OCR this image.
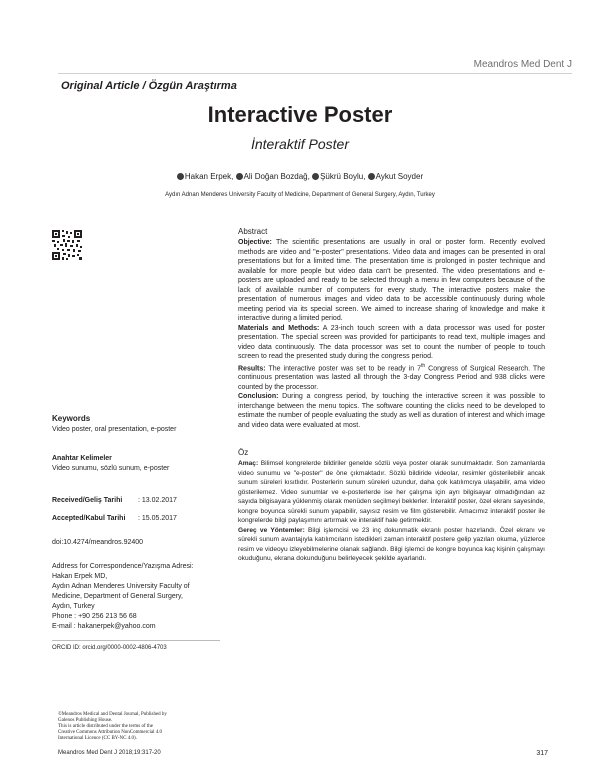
Meandros Med Dent J
Original Article / Özgün Araştırma
Interactive Poster
İnteraktif Poster
Hakan Erpek, Ali Doğan Bozdağ, Şükrü Boylu, Aykut Soyder
Aydın Adnan Menderes University Faculty of Medicine, Department of General Surgery, Aydın, Turkey
Keywords
Video poster, oral presentation, e-poster
Anahtar Kelimeler
Video sunumu, sözlü sunum, e-poster
Received/Geliş Tarihi : 13.02.2017
Accepted/Kabul Tarihi : 15.05.2017
doi:10.4274/meandros.92400
Address for Correspondence/Yazışma Adresi:
Hakan Erpek MD,
Aydın Adnan Menderes University Faculty of
Medicine, Department of General Surgery,
Aydın, Turkey
Phone : +90 256 213 56 68
E-mail : hakanerpek@yahoo.com
ORCID ID: orcid.org/0000-0002-4806-4703
©Meandros Medical and Dental Journal, Published by
Galenos Publishing House.
This is article distributed under the terms of the
Creative Commons Attribution NonCommercial 4.0
International Licence (CC BY-NC 4.0).
Abstract

Objective: The scientific presentations are usually in oral or poster form. Recently evolved methods are video and "e-poster" presentations. Video data and images can be presented in oral presentations but for a limited time. The presentation time is prolonged in poster technique and available for more people but video data can't be presented. The video presentations and e-posters are uploaded and ready to be selected through a menu in few computers because of the lack of available number of computers for every study. The interactive posters make the presentation of numerous images and video data to be accessible continuously during whole meeting period via its special screen. We aimed to increase sharing of knowledge and make it interactive during a limited period.

Materials and Methods: A 23-inch touch screen with a data processor was used for poster presentation. The special screen was provided for participants to read text, multiple images and video data continuously. The data processor was set to count the number of people to touch screen to read the presented study during the congress period.

Results: The interactive poster was set to be ready in 7th Congress of Surgical Research. The continuous presentation was lasted all through the 3-day Congress Period and 938 clicks were counted by the processor.

Conclusion: During a congress period, by touching the interactive screen it was possible to interchange between the menu topics. The software counting the clicks need to be developed to estimate the number of people evaluating the study as well as duration of interest and which image and video data were evaluated at most.

Öz

Amaç: Bilimsel kongrelerde bildiriler genelde sözlü veya poster olarak sunulmaktadır. Son zamanlarda video sunumu ve "e-poster" de öne çıkmaktadır. Sözlü bildiride videolar, resimler gösterilebilir ancak sunum süreleri kısıtlıdır. Posterlerin sunum süreleri uzundur, daha çok katılımcıya ulaşabilir, ama video gösterilemez. Video sunumlar ve e-posterlerde ise her çalışma için ayrı bilgisayar olmadığından az sayıda bilgisayara yüklenmiş olarak menüden seçilmeyi beklerler. İnteraktif poster, özel ekranı sayesinde, kongre boyunca sürekli sunum yapabilir, sayısız resim ve film gösterebilir. Amacımız interaktif poster ile kongrelerde bilgi paylaşımını artırmak ve interaktif hale getirmektir.

Gereç ve Yöntemler: Bilgi işlemcisi ve 23 inç dokunmatik ekranlı poster hazırlandı. Özel ekranı ve sürekli sunum avantajıyla katılımcıların istedikleri zaman interaktif postere gelip yazıları okuma, yüzlerce resim ve videoyu izleyebilmelerine olanak sağlandı. Bilgi işlemci de kongre boyunca kaç kişinin çalışmayı okuduğunu, ekrana dokunduğunu belirleyecek şekilde ayarlandı.

Meandros Med Dent J 2018;19:317-20	317
